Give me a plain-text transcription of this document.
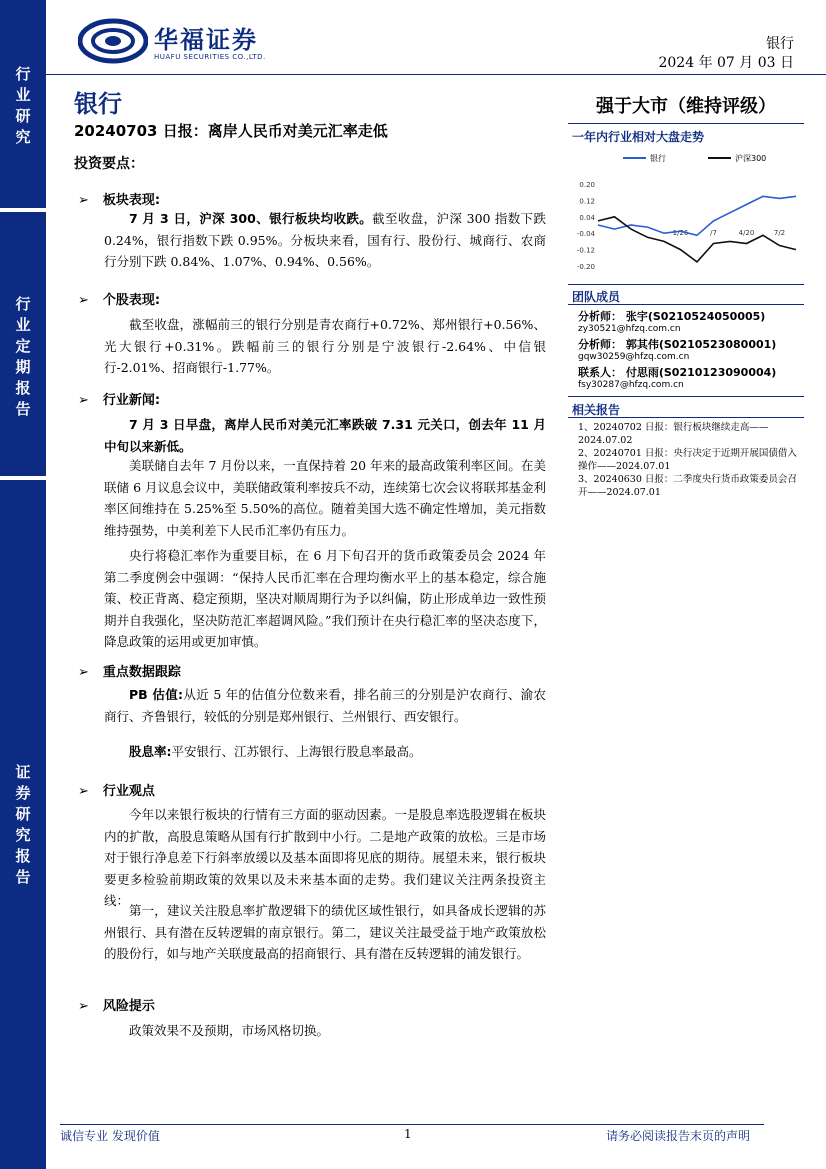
行业研究
行业定期报告
证券研究报告
华福证券
HUAFU SECURITIES CO.,LTD.
银行
2024 年 07 月 03 日
银行
20240703 日报：离岸人民币对美元汇率走低
投资要点：
➢ 板块表现:
7 月 3 日，沪深 300、银行板块均收跌。截至收盘，沪深 300 指数下跌 0.24%，银行指数下跌 0.95%。分板块来看，国有行、股份行、城商行、农商行分别下跌 0.84%、1.07%、0.94%、0.56%。
➢ 个股表现:
截至收盘，涨幅前三的银行分别是青农商行+0.72%、郑州银行+0.56%、光大银行+0.31%。跌幅前三的银行分别是宁波银行-2.64%、中信银行-2.01%、招商银行-1.77%。
➢ 行业新闻:
7 月 3 日早盘，离岸人民币对美元汇率跌破 7.31 元关口，创去年 11 月中旬以来新低。
美联储自去年 7 月份以来，一直保持着 20 年来的最高政策利率区间。在美联储 6 月议息会议中，美联储政策利率按兵不动，连续第七次会议将联邦基金利率区间维持在 5.25%至 5.50%的高位。随着美国大选不确定性增加，美元指数维持强势，中美利差下人民币汇率仍有压力。
央行将稳汇率作为重要目标，在 6 月下旬召开的货币政策委员会 2024 年第二季度例会中强调：“保持人民币汇率在合理均衡水平上的基本稳定，综合施策、校正背离、稳定预期，坚决对顺周期行为予以纠偏，防止形成单边一致性预期并自我强化，坚决防范汇率超调风险。”我们预计在央行稳汇率的坚决态度下，降息政策的运用或更加审慎。
➢ 重点数据跟踪
PB 估值:从近 5 年的估值分位数来看，排名前三的分别是沪农商行、渝农商行、齐鲁银行，较低的分别是郑州银行、兰州银行、西安银行。
股息率:平安银行、江苏银行、上海银行股息率最高。
➢ 行业观点
今年以来银行板块的行情有三方面的驱动因素。一是股息率选股逻辑在板块内的扩散，高股息策略从国有行扩散到中小行。二是地产政策的放松。三是市场对于银行净息差下行斜率放缓以及基本面即将见底的期待。展望未来，银行板块要更多检验前期政策的效果以及未来基本面的走势。我们建议关注两条投资主线：
第一，建议关注股息率扩散逻辑下的绩优区域性银行，如具备成长逻辑的苏州银行、具有潜在反转逻辑的南京银行。第二，建议关注最受益于地产政策放松的股份行，如与地产关联度最高的招商银行、具有潜在反转逻辑的浦发银行。
➢ 风险提示
政策效果不及预期，市场风格切换。
强于大市（维持评级）
一年内行业相对大盘走势
银行	沪深300
0.20
0.12
0.04
-0.04
-0.12
-0.20
1/26	/7	4/20	7/2
团队成员
分析师： 张宇(S0210524050005)
zy30521@hfzq.com.cn
分析师： 郭其伟(S0210523080001)
gqw30259@hfzq.com.cn
联系人： 付思雨(S0210123090004)
fsy30287@hfzq.com.cn
相关报告
1、20240702 日报：银行板块继续走高——2024.07.02
2、20240701 日报：央行决定于近期开展国债借入操作——2024.07.01
3、20240630 日报：二季度央行货币政策委员会召开——2024.07.01
诚信专业 发现价值	1	请务必阅读报告末页的声明
